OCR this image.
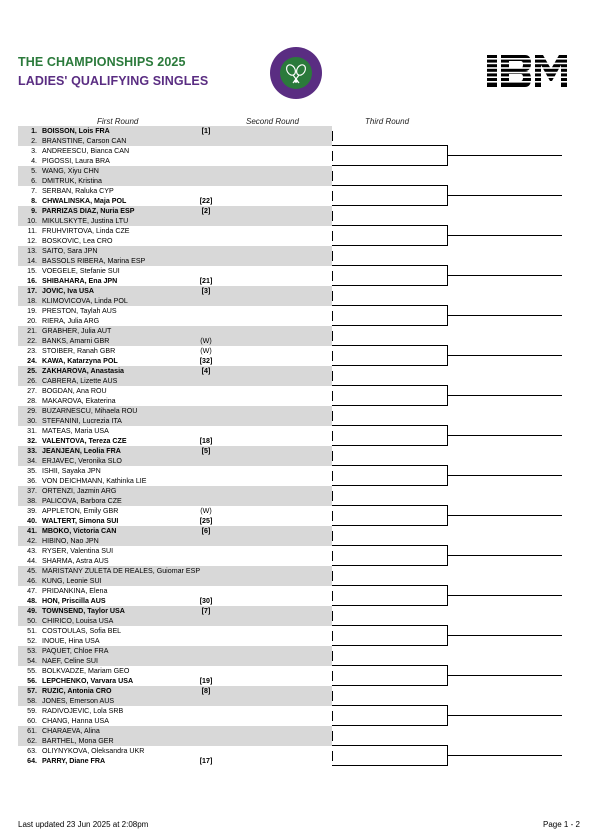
THE CHAMPIONSHIPS 2025
LADIES' QUALIFYING SINGLES
First Round	Second Round	Third Round
1. BOISSON, Lois FRA	[1]
2. BRANSTINE, Carson CAN
3. ANDREESCU, Bianca CAN
4. PIGOSSI, Laura BRA
5. WANG, Xiyu CHN
6. DMITRUK, Kristina
7. SERBAN, Raluka CYP
8. CHWALINSKA, Maja POL	[22]
9. PARRIZAS DIAZ, Nuria ESP	[2]
10. MIKULSKYTE, Justina LTU
11. FRUHVIRTOVA, Linda CZE
12. BOSKOVIC, Lea CRO
13. SAITO, Sara JPN
14. BASSOLS RIBERA, Marina ESP
15. VOEGELE, Stefanie SUI
16. SHIBAHARA, Ena JPN	[21]
17. JOVIC, Iva USA	[3]
18. KLIMOVICOVA, Linda POL
19. PRESTON, Taylah AUS
20. RIERA, Julia ARG
21. GRABHER, Julia AUT
22. BANKS, Amarni GBR	(W)
23. STOIBER, Ranah GBR	(W)
24. KAWA, Katarzyna POL	[32]
25. ZAKHAROVA, Anastasia	[4]
26. CABRERA, Lizette AUS
27. BOGDAN, Ana ROU
28. MAKAROVA, Ekaterina
29. BUZARNESCU, Mihaela ROU
30. STEFANINI, Lucrezia ITA
31. MATEAS, Maria USA
32. VALENTOVA, Tereza CZE	[18]
33. JEANJEAN, Leolia FRA	[5]
34. ERJAVEC, Veronika SLO
35. ISHII, Sayaka JPN
36. VON DEICHMANN, Kathinka LIE
37. ORTENZI, Jazmin ARG
38. PALICOVA, Barbora CZE
39. APPLETON, Emily GBR	(W)
40. WALTERT, Simona SUI	[25]
41. MBOKO, Victoria CAN	[6]
42. HIBINO, Nao JPN
43. RYSER, Valentina SUI
44. SHARMA, Astra AUS
45. MARISTANY ZULETA DE REALES, Guiomar ESP
46. KUNG, Leonie SUI
47. PRIDANKINA, Elena
48. HON, Priscilla AUS	[30]
49. TOWNSEND, Taylor USA	[7]
50. CHIRICO, Louisa USA
51. COSTOULAS, Sofia BEL
52. INOUE, Hina USA
53. PAQUET, Chloe FRA
54. NAEF, Celine SUI
55. BOLKVADZE, Mariam GEO
56. LEPCHENKO, Varvara USA	[19]
57. RUZIC, Antonia CRO	[8]
58. JONES, Emerson AUS
59. RADIVOJEVIC, Lola SRB
60. CHANG, Hanna USA
61. CHARAEVA, Alina
62. BARTHEL, Mona GER
63. OLIYNYKOVA, Oleksandra UKR
64. PARRY, Diane FRA	[17]
Last updated 23 Jun 2025 at 2:08pm	Page 1 - 2
